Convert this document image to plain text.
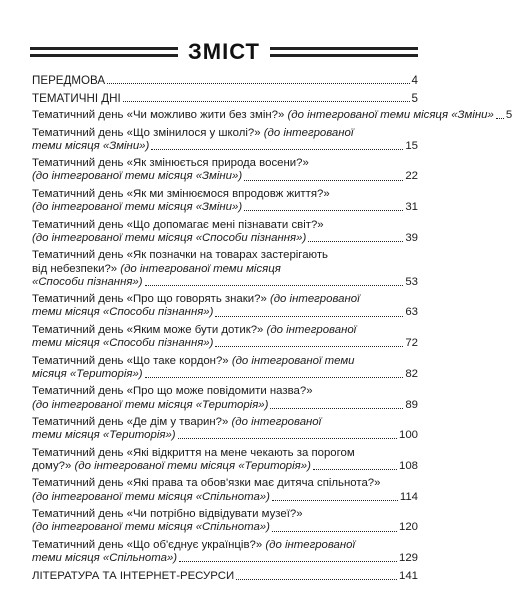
ЗМІСТ
ПЕРЕДМОВА	4
ТЕМАТИЧНІ ДНІ	5
Тематичний день «Чи можливо жити без змін?» (до інтегрованої теми місяця «Зміни» 5
Тематичний день «Що змінилося у школі?» (до інтегрованої
теми місяця «Зміни»)	15
Тематичний день «Як змінюється природа восени?»
(до інтегрованої теми місяця «Зміни»)	22
Тематичний день «Як ми змінюємося впродовж життя?»
(до інтегрованої теми місяця «Зміни»)	31
Тематичний день «Що допомагає мені пізнавати світ?»
(до інтегрованої теми місяця «Способи пізнання»)	39
Тематичний день «Як позначки на товарах застерігають
від небезпеки?» (до інтегрованої теми місяця
«Способи пізнання»)	53
Тематичний день «Про що говорять знаки?» (до інтегрованої
теми місяця «Способи пізнання»)	63
Тематичний день «Яким може бути дотик?» (до інтегрованої
теми місяця «Способи пізнання»)	72
Тематичний день «Що таке кордон?» (до інтегрованої теми
місяця «Територія»)	82
Тематичний день «Про що може повідомити назва?»
(до інтегрованої теми місяця «Територія»)	89
Тематичний день «Де дім у тварин?» (до інтегрованої
теми місяця «Територія»)	100
Тематичний день «Які відкриття на мене чекають за порогом
дому?» (до інтегрованої теми місяця «Територія»)	108
Тематичний день «Які права та обов'язки має дитяча спільнота?»
(до інтегрованої теми місяця «Спільнота»)	114
Тематичний день «Чи потрібно відвідувати музеї?»
(до інтегрованої теми місяця «Спільнота»)	120
Тематичний день «Що об'єднує українців?» (до інтегрованої
теми місяця «Спільнота»)	129
ЛІТЕРАТУРА ТА ІНТЕРНЕТ-РЕСУРСИ	141
